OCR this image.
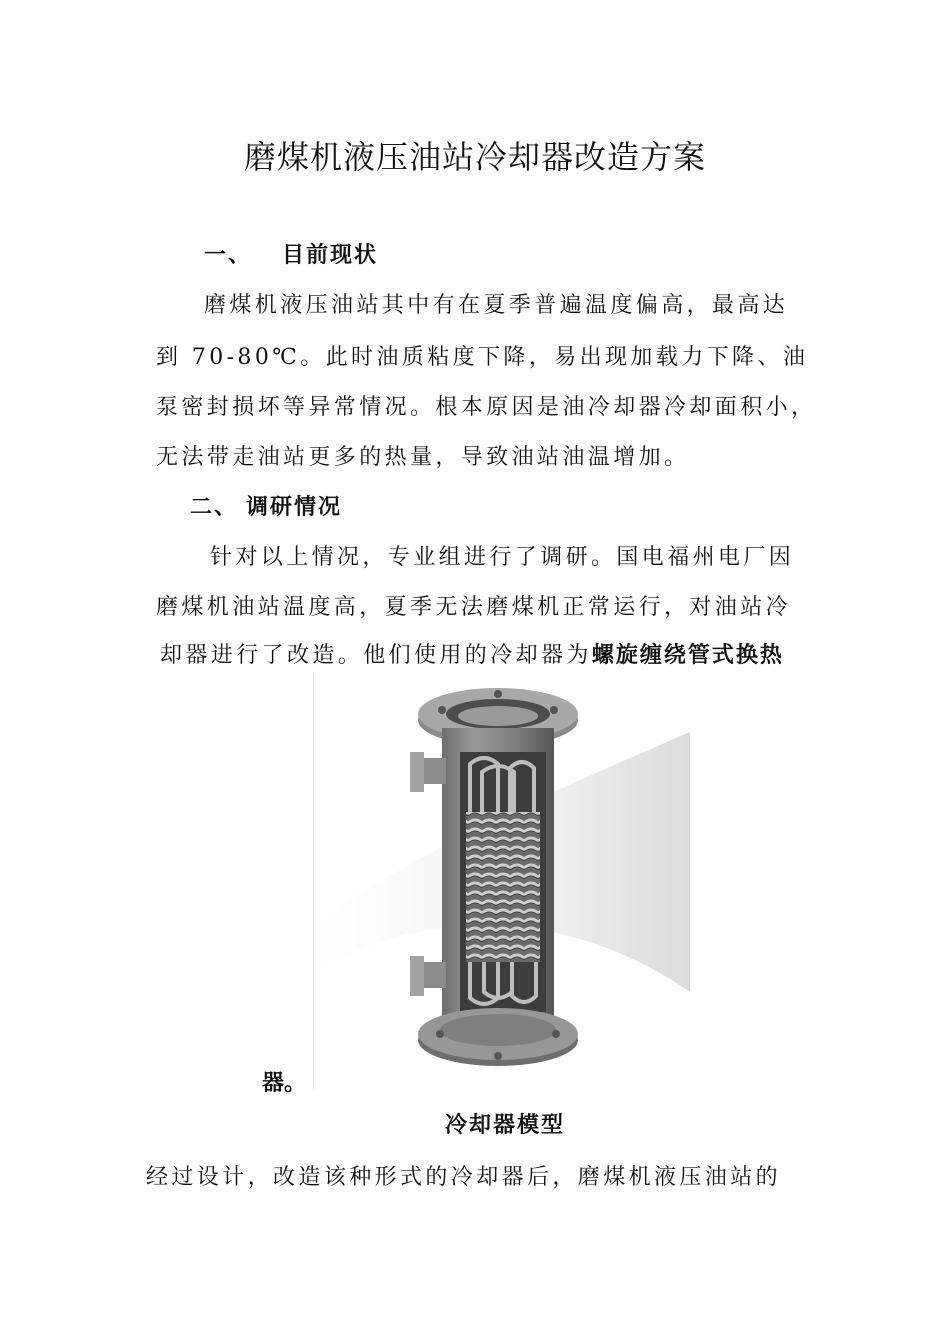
磨煤机液压油站冷却器改造方案
一、 目前现状
磨煤机液压油站其中有在夏季普遍温度偏高，最高达
到 70-80℃。此时油质粘度下降，易出现加载力下降、油
泵密封损坏等异常情况。根本原因是油冷却器冷却面积小，
无法带走油站更多的热量，导致油站油温增加。
二、 调研情况
针对以上情况，专业组进行了调研。国电福州电厂因
磨煤机油站温度高，夏季无法磨煤机正常运行，对油站冷
却器进行了改造。他们使用的冷却器为螺旋缠绕管式换热
器。
冷却器模型
经过设计，改造该种形式的冷却器后，磨煤机液压油站的
